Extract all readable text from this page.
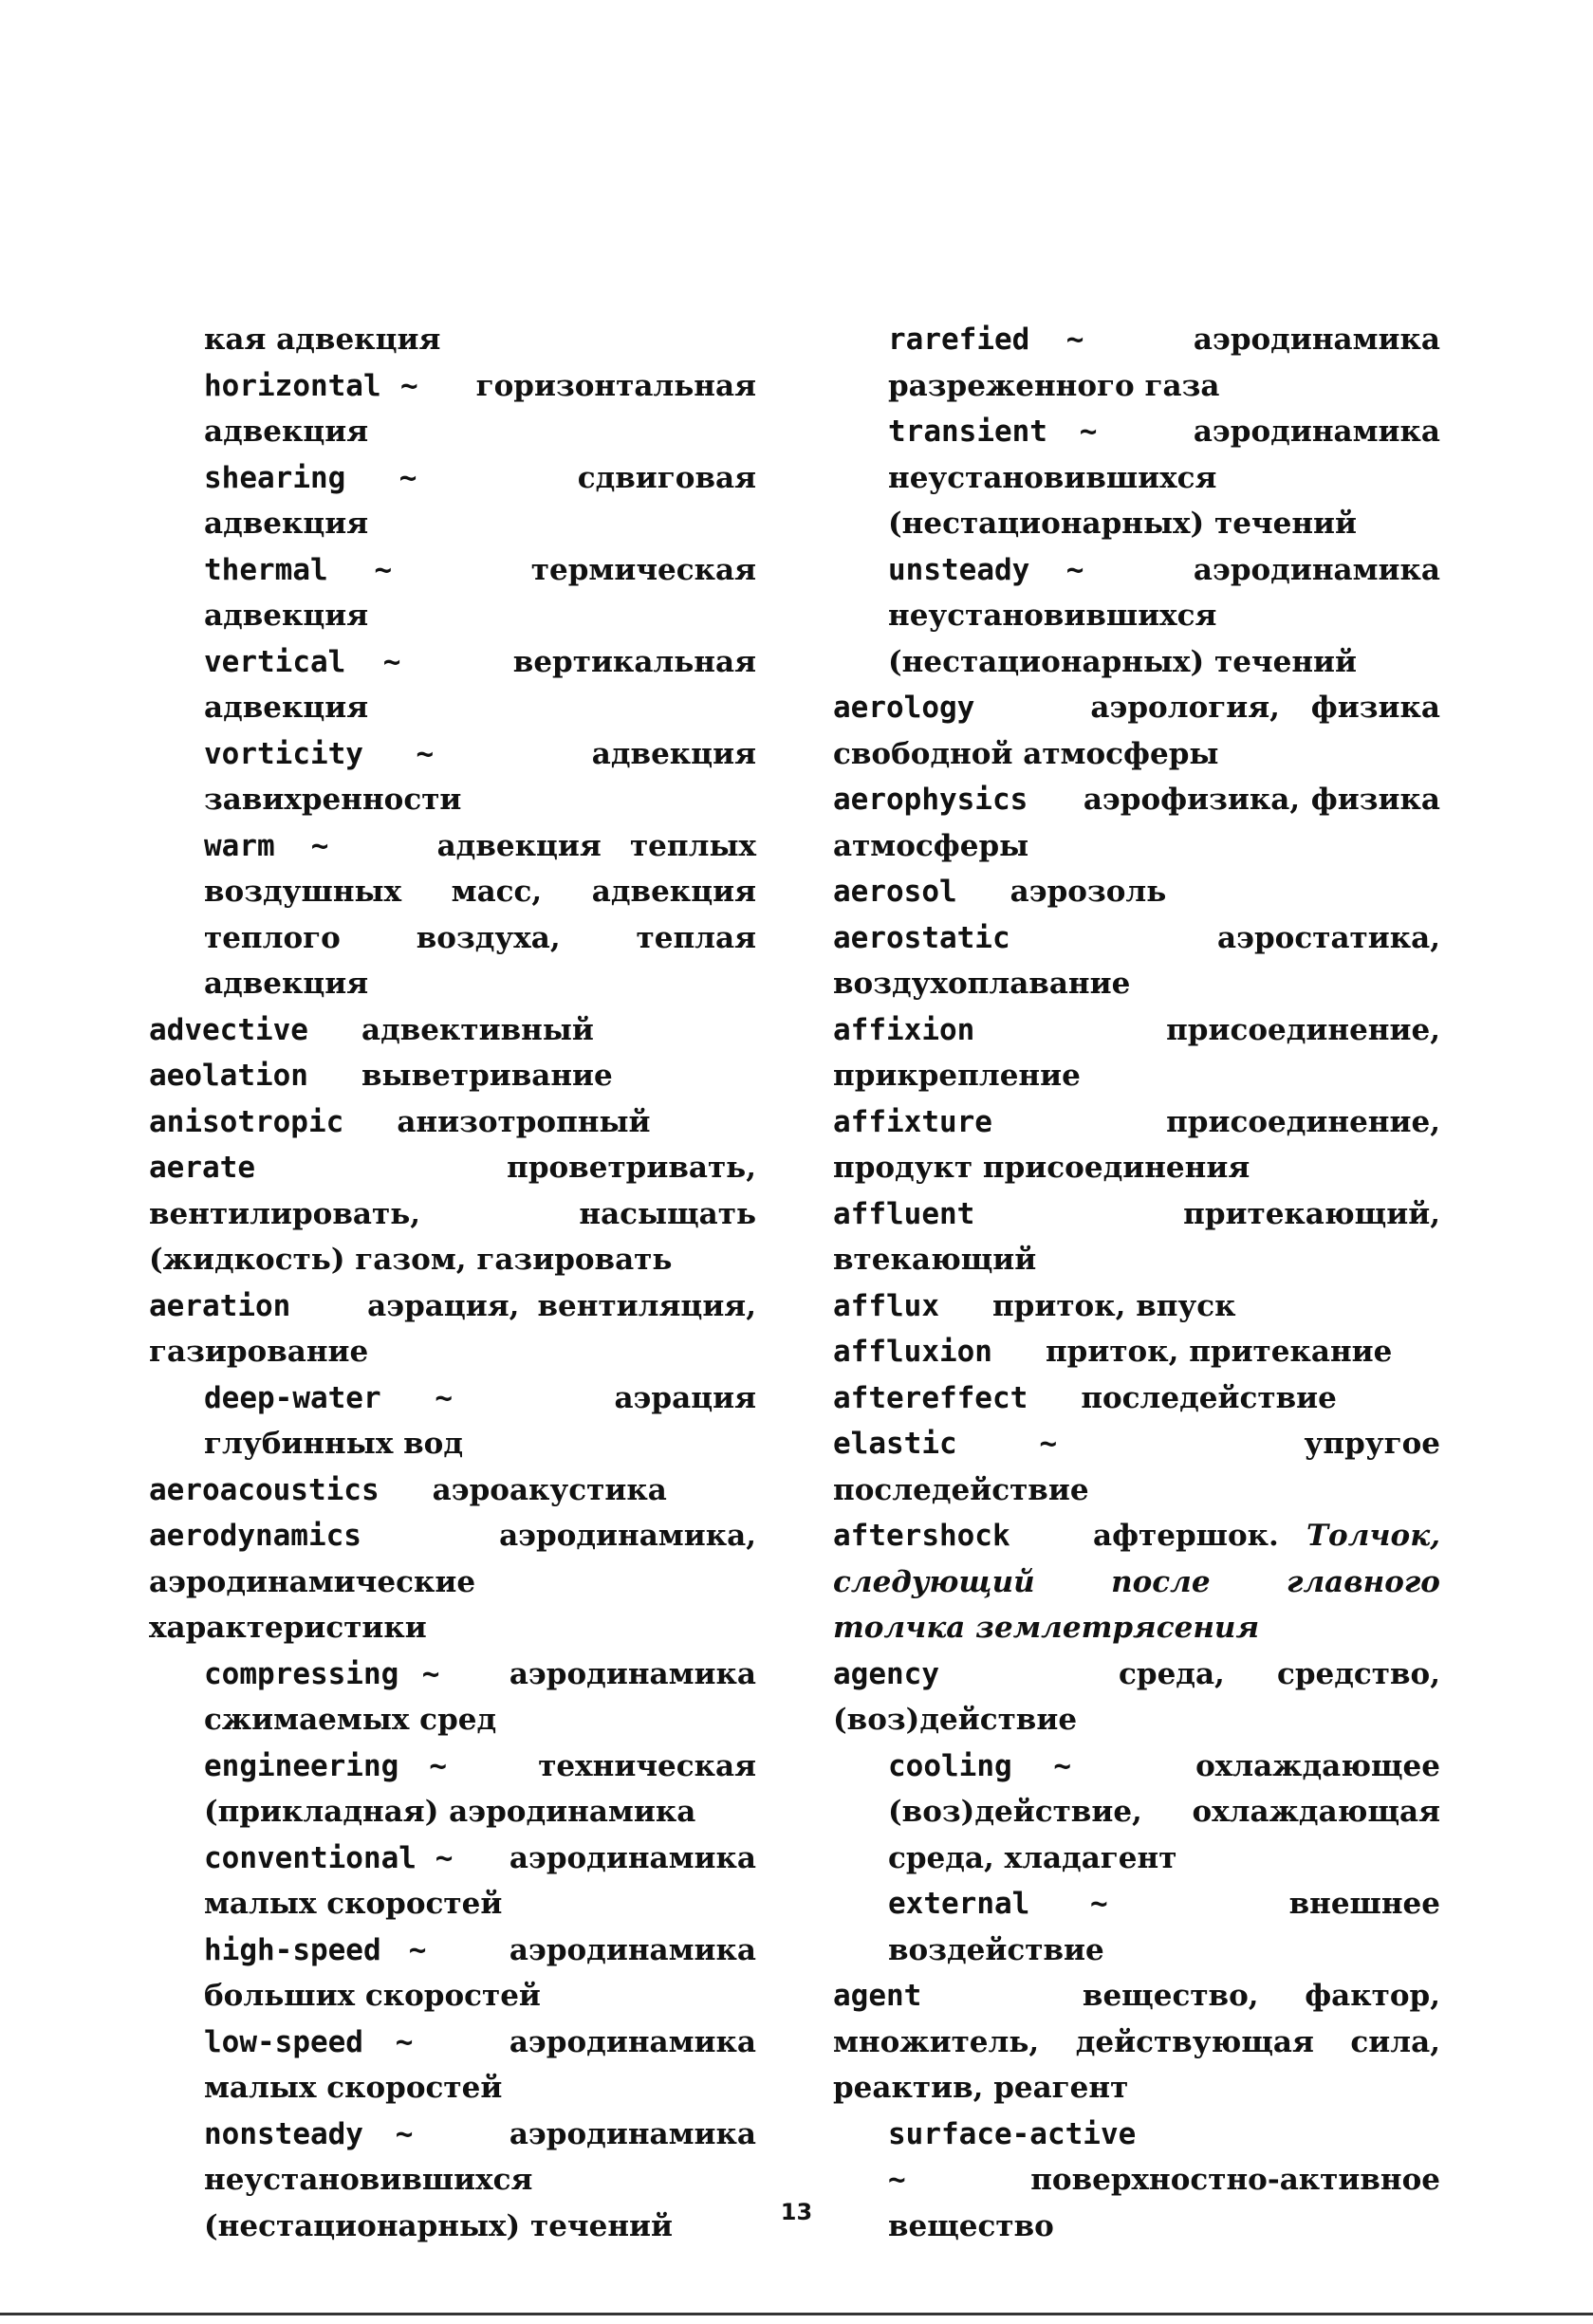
кая адвекция
horizontal ~ горизонтальная адвекция
shearing ~	сдвиговая адвекция
thermal ~	термическая адвекция
vertical ~	вертикальная адвекция
vorticity ~	адвекция завихренности
warm ~	адвекция теплых воздушных масс, адвекция теплого воздуха, теплая адвекция
advective адвективный
aeolation выветривание
anisotropic анизотропный
aerate	проветривать, вентилировать, насыщать (жидкость) газом, газировать
aeration	аэрация, вентиляция, газирование
deep-water ~	аэрация глубинных вод
aeroacoustics аэроакустика
aerodynamics	аэродинамика, аэродинамические характеристики
compressing ~ аэродинамика сжимаемых сред
engineering ~	техническая (прикладная) аэродинамика
conventional ~ аэродинамика малых скоростей
high-speed ~	аэродинамика больших скоростей
low-speed ~	аэродинамика малых скоростей
nonsteady ~	аэродинамика неустановившихся (нестационарных) течений
rarefied ~	аэродинамика разреженного газа
transient ~	аэродинамика неустановившихся (нестационарных) течений
unsteady ~	аэродинамика неустановившихся (нестационарных) течений
aerology	аэрология, физика свободной атмосферы
aerophysics аэрофизика, физика атмосферы
aerosol аэрозоль
aerostatic	аэростатика, воздухоплавание
affixion	присоединение, прикрепление
affixture	присоединение, продукт присоединения
affluent	притекающий, втекающий
afflux приток, впуск
affluxion приток, притекание
aftereffect последействие
elastic ~	упругое последействие
aftershock	афтершок. Толчок, следующий после главного толчка землетрясения
agency	среда, средство, (воз)действие
cooling ~	охлаждающее (воз)действие, охлаждающая среда, хладагент
external ~	внешнее воздействие
agent	вещество, фактор, множитель, действующая сила, реактив, реагент
surface-active ~	поверхностно-активное вещество
13
